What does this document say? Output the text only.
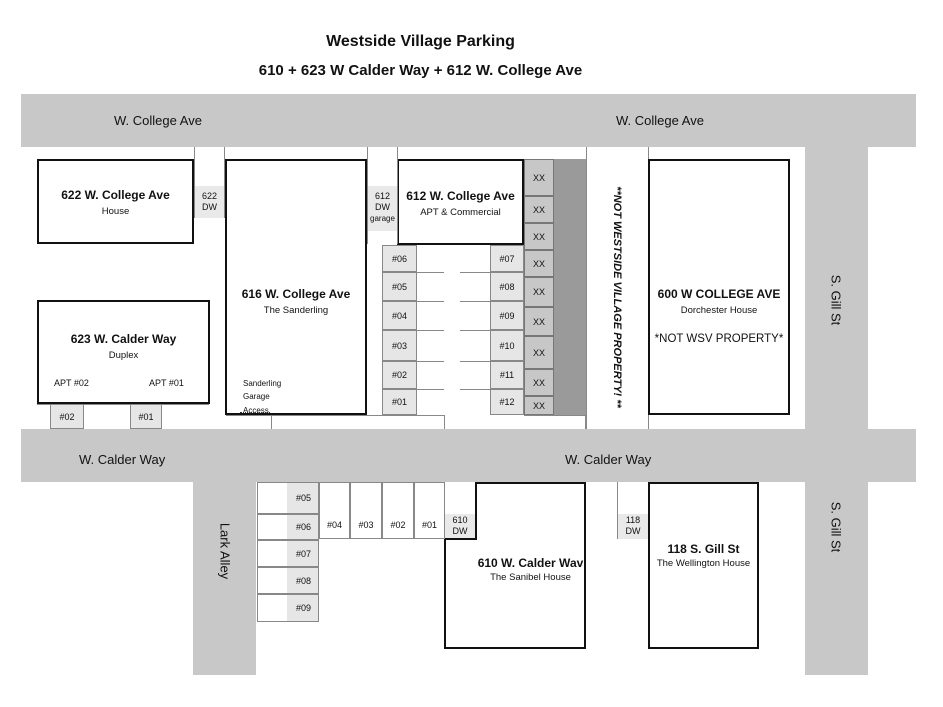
Westside Village Parking
610 + 623 W Calder Way + 612 W. College Ave
W. College Ave	W. College Ave
W. Calder Way	W. Calder Way
S. Gill St
S. Gill St
Lark Alley
622 W. College Ave
House
623 W. Calder Way
Duplex
APT #02	APT #01
616 W. College Ave
The Sanderling
Sanderling
Garage
Access
612 W. College Ave
APT & Commercial
600 W COLLEGE AVE
Dorchester House
*NOT WSV PROPERTY*
610 W. Calder Wav
The Sanibel House
118 S. Gill St
The Wellington House
622
DW
612
DW
garage
610
DW
118
DW
#02	#01
#06
#05
#04
#03
#02
#01
#07
#08
#09
#10
#11
#12
XX
XX
XX
XX
XX
XX
XX
XX
XX	**NOT WESTSIDE VILLAGE PROPERTY! **
#05
#06
#07
#08
#09
#04	#03	#02	#01
